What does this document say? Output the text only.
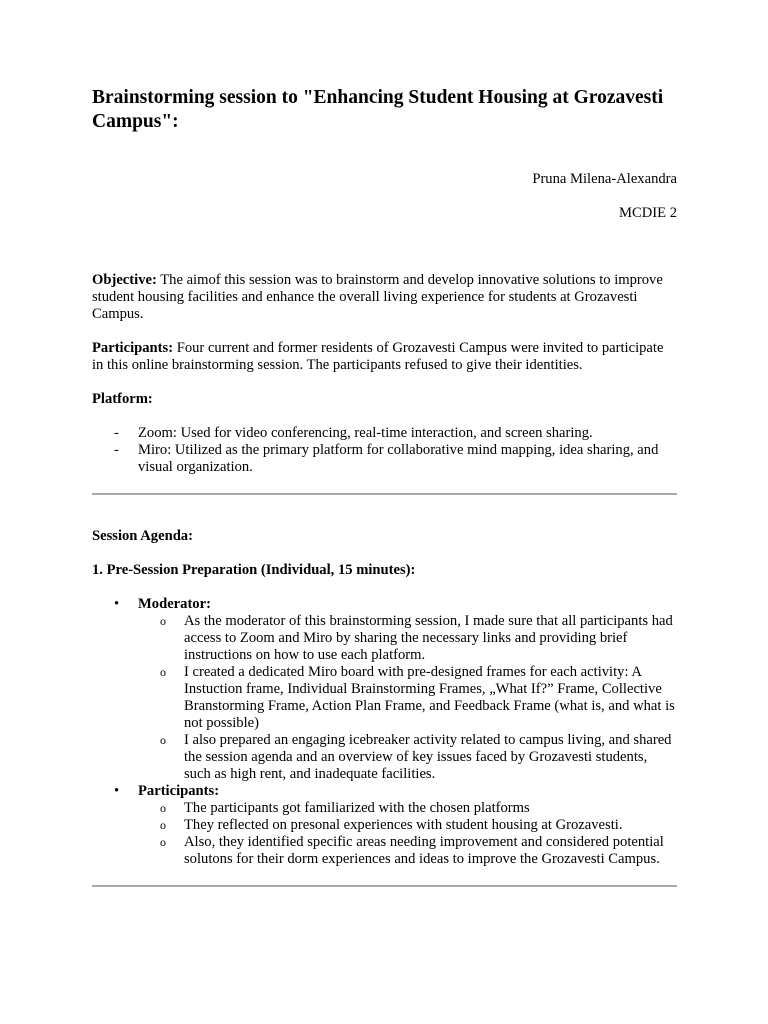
Brainstorming session to "Enhancing Student Housing at Grozavesti Campus":

Pruna Milena-Alexandra

MCDIE 2

Objective: The aimof this session was to brainstorm and develop innovative solutions to improve student housing facilities and enhance the overall living experience for students at Grozavesti Campus.

Participants: Four current and former residents of Grozavesti Campus were invited to participate in this online brainstorming session. The participants refused to give their identities.

Platform:

- Zoom: Used for video conferencing, real-time interaction, and screen sharing.
- Miro: Utilized as the primary platform for collaborative mind mapping, idea sharing, and visual organization.

Session Agenda:

1. Pre-Session Preparation (Individual, 15 minutes):

• Moderator:
o As the moderator of this brainstorming session, I made sure that all participants had access to Zoom and Miro by sharing the necessary links and providing brief instructions on how to use each platform.
o I created a dedicated Miro board with pre-designed frames for each activity: A Instuction frame, Individual Brainstorming Frames, „What If?” Frame, Collective Branstorming Frame, Action Plan Frame, and Feedback Frame (what is, and what is not possible)
o I also prepared an engaging icebreaker activity related to campus living, and shared the session agenda and an overview of key issues faced by Grozavesti students, such as high rent, and inadequate facilities.
• Participants:
o The participants got familiarized with the chosen platforms
o They reflected on presonal experiences with student housing at Grozavesti.
o Also, they identified specific areas needing improvement and considered potential solutons for their dorm experiences and ideas to improve the Grozavesti Campus.
